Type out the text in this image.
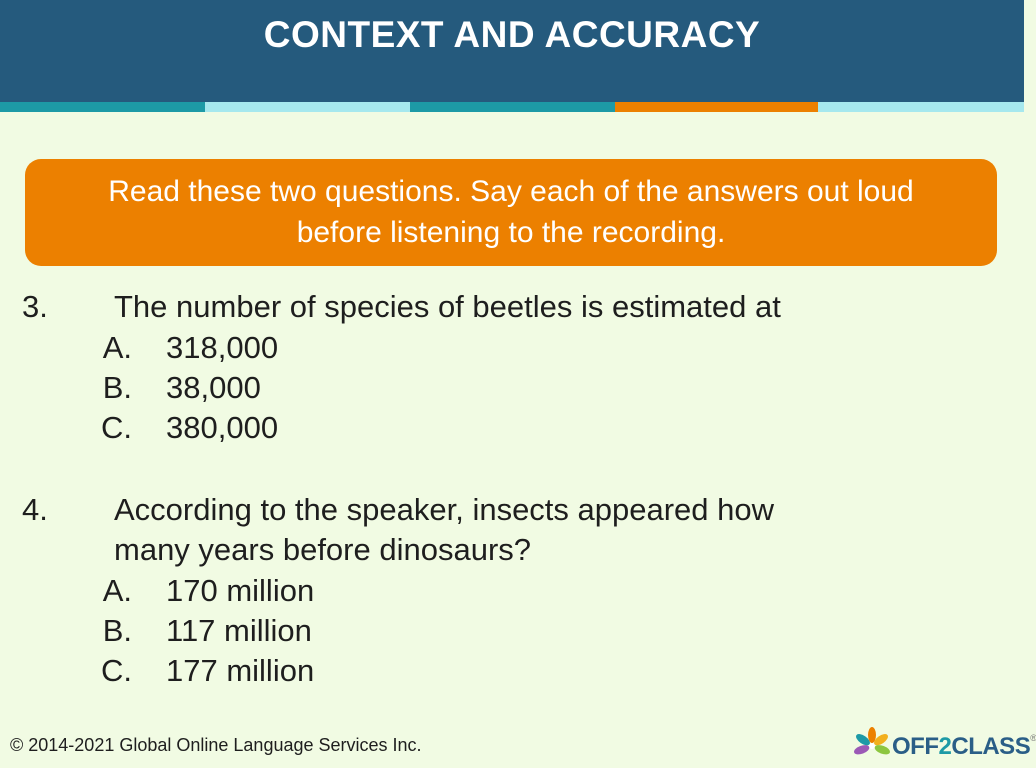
CONTEXT AND ACCURACY
Read these two questions. Say each of the answers out loud
before listening to the recording.
3. The number of species of beetles is estimated at
A. 318,000
B. 38,000
C. 380,000
4. According to the speaker, insects appeared how
many years before dinosaurs?
A. 170 million
B. 117 million
C. 177 million
© 2014-2021 Global Online Language Services Inc.	OFF2CLASS®
